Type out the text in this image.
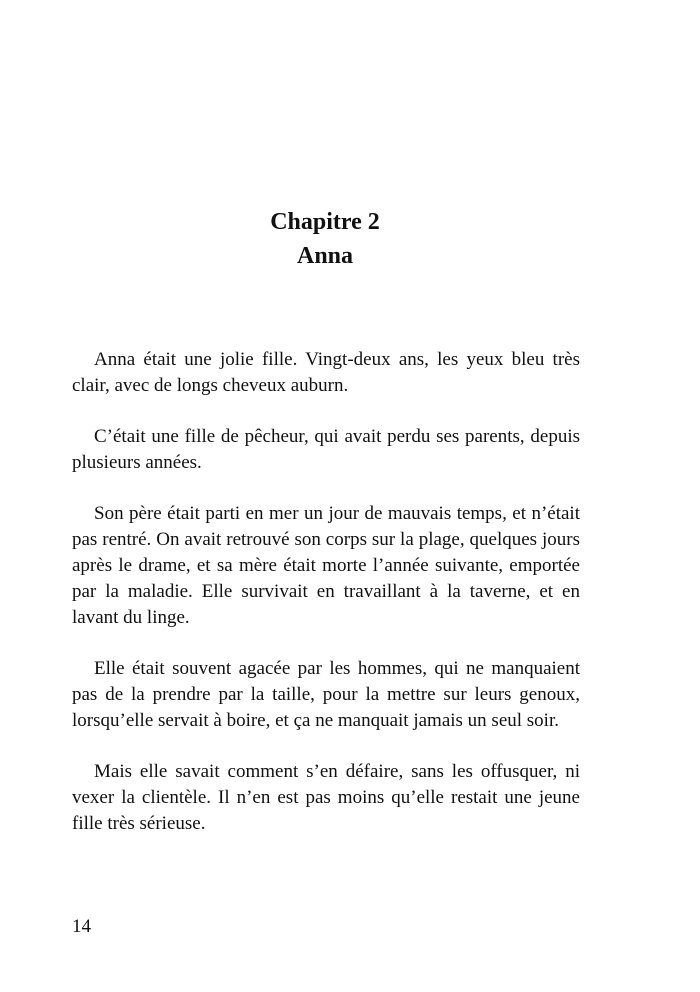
Chapitre 2
Anna

Anna était une jolie fille. Vingt-deux ans, les yeux bleu très clair, avec de longs cheveux auburn.

C’était une fille de pêcheur, qui avait perdu ses parents, depuis plusieurs années.

Son père était parti en mer un jour de mauvais temps, et n’était pas rentré. On avait retrouvé son corps sur la plage, quelques jours après le drame, et sa mère était morte l’année suivante, emportée par la maladie. Elle survivait en travaillant à la taverne, et en lavant du linge.

Elle était souvent agacée par les hommes, qui ne manquaient pas de la prendre par la taille, pour la mettre sur leurs genoux, lorsqu’elle servait à boire, et ça ne manquait jamais un seul soir.

Mais elle savait comment s’en défaire, sans les offusquer, ni vexer la clientèle. Il n’en est pas moins qu’elle restait une jeune fille très sérieuse.

14
